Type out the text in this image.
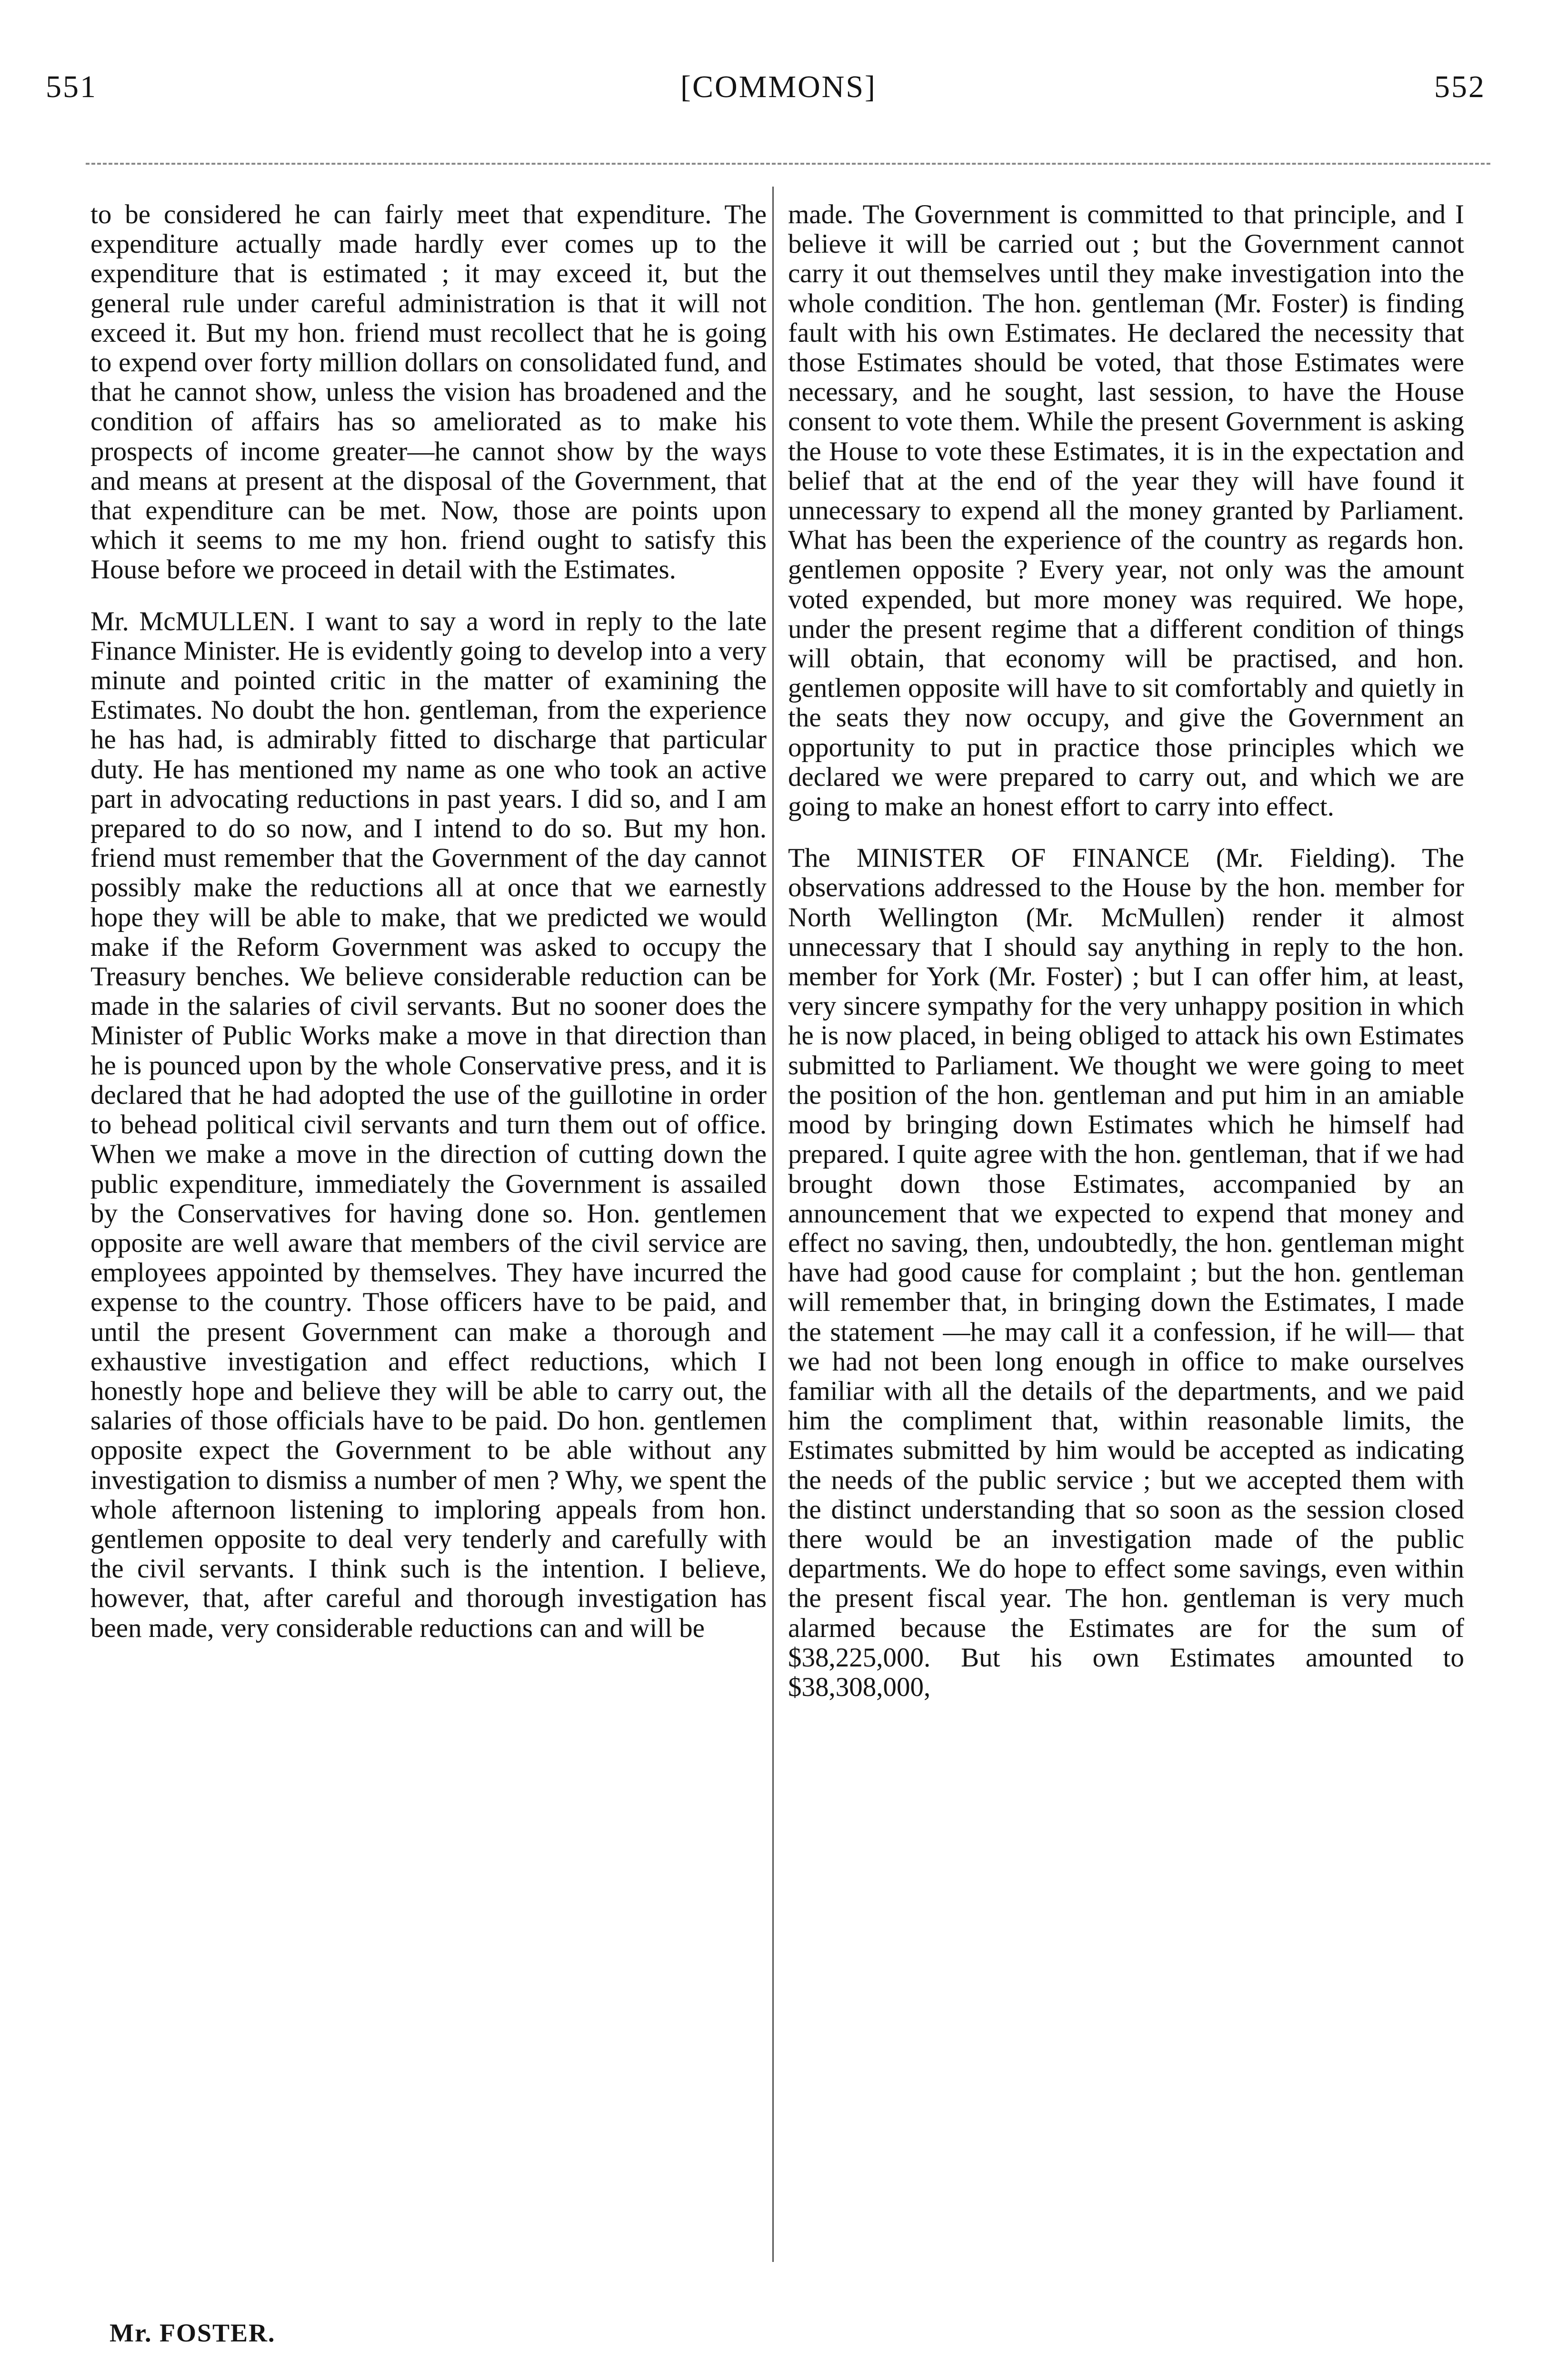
551	[COMMONS]	552

to be considered he can fairly meet that expenditure. The expenditure actually made hardly ever comes up to the expenditure that is estimated ; it may exceed it, but the general rule under careful administration is that it will not exceed it. But my hon. friend must recollect that he is going to expend over forty million dollars on consolidated fund, and that he cannot show, unless the vision has broadened and the condition of affairs has so ameliorated as to make his prospects of income greater—he cannot show by the ways and means at present at the disposal of the Government, that that expenditure can be met. Now, those are points upon which it seems to me my hon. friend ought to satisfy this House before we proceed in detail with the Estimates.

Mr. McMULLEN. I want to say a word in reply to the late Finance Minister. He is evidently going to develop into a very minute and pointed critic in the matter of examining the Estimates. No doubt the hon. gentleman, from the experience he has had, is admirably fitted to discharge that particular duty. He has mentioned my name as one who took an active part in advocating reductions in past years. I did so, and I am prepared to do so now, and I intend to do so. But my hon. friend must remember that the Government of the day cannot possibly make the reductions all at once that we earnestly hope they will be able to make, that we predicted we would make if the Reform Government was asked to occupy the Treasury benches. We believe considerable reduction can be made in the salaries of civil servants. But no sooner does the Minister of Public Works make a move in that direction than he is pounced upon by the whole Conservative press, and it is declared that he had adopted the use of the guillotine in order to behead political civil servants and turn them out of office. When we make a move in the direction of cutting down the public expenditure, immediately the Government is assailed by the Conservatives for having done so. Hon. gentlemen opposite are well aware that members of the civil service are employees appointed by themselves. They have incurred the expense to the country. Those officers have to be paid, and until the present Government can make a thorough and exhaustive investigation and effect reductions, which I honestly hope and believe they will be able to carry out, the salaries of those officials have to be paid. Do hon. gentlemen opposite expect the Government to be able without any investigation to dismiss a number of men ? Why, we spent the whole afternoon listening to imploring appeals from hon. gentlemen opposite to deal very tenderly and carefully with the civil servants. I think such is the intention. I believe, however, that, after careful and thorough investigation has been made, very considerable reductions can and will be

made. The Government is committed to that principle, and I believe it will be carried out ; but the Government cannot carry it out themselves until they make investigation into the whole condition. The hon. gentleman (Mr. Foster) is finding fault with his own Estimates. He declared the necessity that those Estimates should be voted, that those Estimates were necessary, and he sought, last session, to have the House consent to vote them. While the present Government is asking the House to vote these Estimates, it is in the expectation and belief that at the end of the year they will have found it unnecessary to expend all the money granted by Parliament. What has been the experience of the country as regards hon. gentlemen opposite ? Every year, not only was the amount voted expended, but more money was required. We hope, under the present regime that a different condition of things will obtain, that economy will be practised, and hon. gentlemen opposite will have to sit comfortably and quietly in the seats they now occupy, and give the Government an opportunity to put in practice those principles which we declared we were prepared to carry out, and which we are going to make an honest effort to carry into effect.

The MINISTER OF FINANCE (Mr. Fielding). The observations addressed to the House by the hon. member for North Wellington (Mr. McMullen) render it almost unnecessary that I should say anything in reply to the hon. member for York (Mr. Foster) ; but I can offer him, at least, very sincere sympathy for the very unhappy position in which he is now placed, in being obliged to attack his own Estimates submitted to Parliament. We thought we were going to meet the position of the hon. gentleman and put him in an amiable mood by bringing down Estimates which he himself had prepared. I quite agree with the hon. gentleman, that if we had brought down those Estimates, accompanied by an announcement that we expected to expend that money and effect no saving, then, undoubtedly, the hon. gentleman might have had good cause for complaint ; but the hon. gentleman will remember that, in bringing down the Estimates, I made the statement —he may call it a confession, if he will— that we had not been long enough in office to make ourselves familiar with all the details of the departments, and we paid him the compliment that, within reasonable limits, the Estimates submitted by him would be accepted as indicating the needs of the public service ; but we accepted them with the distinct understanding that so soon as the session closed there would be an investigation made of the public departments. We do hope to effect some savings, even within the present fiscal year. The hon. gentleman is very much alarmed because the Estimates are for the sum of $38,225,000. But his own Estimates amounted to $38,308,000,

Mr. FOSTER.
